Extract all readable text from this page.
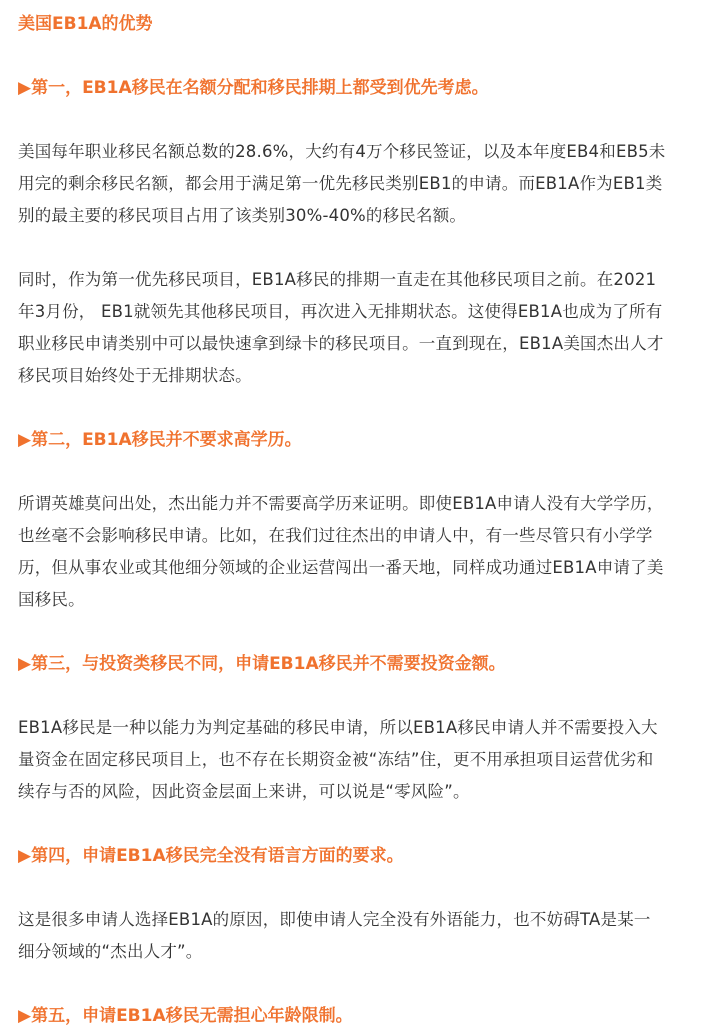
美国EB1A的优势
▶第一，EB1A移民在名额分配和移民排期上都受到优先考虑。

美国每年职业移民名额总数的28.6%，大约有4万个移民签证，以及本年度EB4和EB5未
用完的剩余移民名额，都会用于满足第一优先移民类别EB1的申请。而EB1A作为EB1类
别的最主要的移民项目占用了该类别30%-40%的移民名额。

同时，作为第一优先移民项目，EB1A移民的排期一直走在其他移民项目之前。在2021
年3月份， EB1就领先其他移民项目，再次进入无排期状态。这使得EB1A也成为了所有
职业移民申请类别中可以最快速拿到绿卡的移民项目。一直到现在，EB1A美国杰出人才
移民项目始终处于无排期状态。

▶第二，EB1A移民并不要求高学历。

所谓英雄莫问出处，杰出能力并不需要高学历来证明。即使EB1A申请人没有大学学历，
也丝毫不会影响移民申请。比如，在我们过往杰出的申请人中，有一些尽管只有小学学
历，但从事农业或其他细分领域的企业运营闯出一番天地，同样成功通过EB1A申请了美
国移民。

▶第三，与投资类移民不同，申请EB1A移民并不需要投资金额。

EB1A移民是一种以能力为判定基础的移民申请，所以EB1A移民申请人并不需要投入大
量资金在固定移民项目上，也不存在长期资金被“冻结”住，更不用承担项目运营优劣和
续存与否的风险，因此资金层面上来讲，可以说是“零风险”。

▶第四，申请EB1A移民完全没有语言方面的要求。

这是很多申请人选择EB1A的原因，即使申请人完全没有外语能力，也不妨碍TA是某一
细分领域的“杰出人才”。

▶第五，申请EB1A移民无需担心年龄限制。
